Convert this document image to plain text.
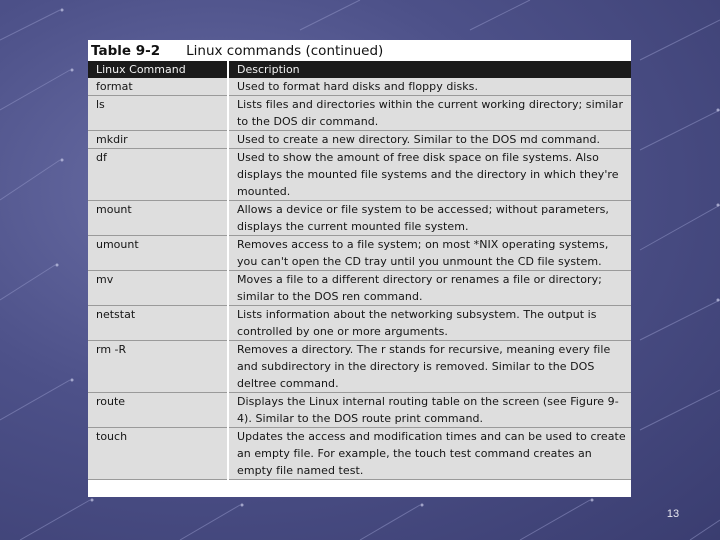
Table 9-2 Linux commands (continued)
Linux Command	Description
format	Used to format hard disks and floppy disks.
ls	Lists files and directories within the current working directory; similar to the DOS dir command.
mkdir	Used to create a new directory. Similar to the DOS md command.
df	Used to show the amount of free disk space on file systems. Also displays the mounted file systems and the directory in which they're mounted.
mount	Allows a device or file system to be accessed; without parameters, displays the current mounted file system.
umount	Removes access to a file system; on most *NIX operating systems, you can't open the CD tray until you unmount the CD file system.
mv	Moves a file to a different directory or renames a file or directory; similar to the DOS ren command.
netstat	Lists information about the networking subsystem. The output is controlled by one or more arguments.
rm -R	Removes a directory. The r stands for recursive, meaning every file and subdirectory in the directory is removed. Similar to the DOS deltree command.
route	Displays the Linux internal routing table on the screen (see Figure 9-4). Similar to the DOS route print command.
touch	Updates the access and modification times and can be used to create an empty file. For example, the touch test command creates an empty file named test.
13
